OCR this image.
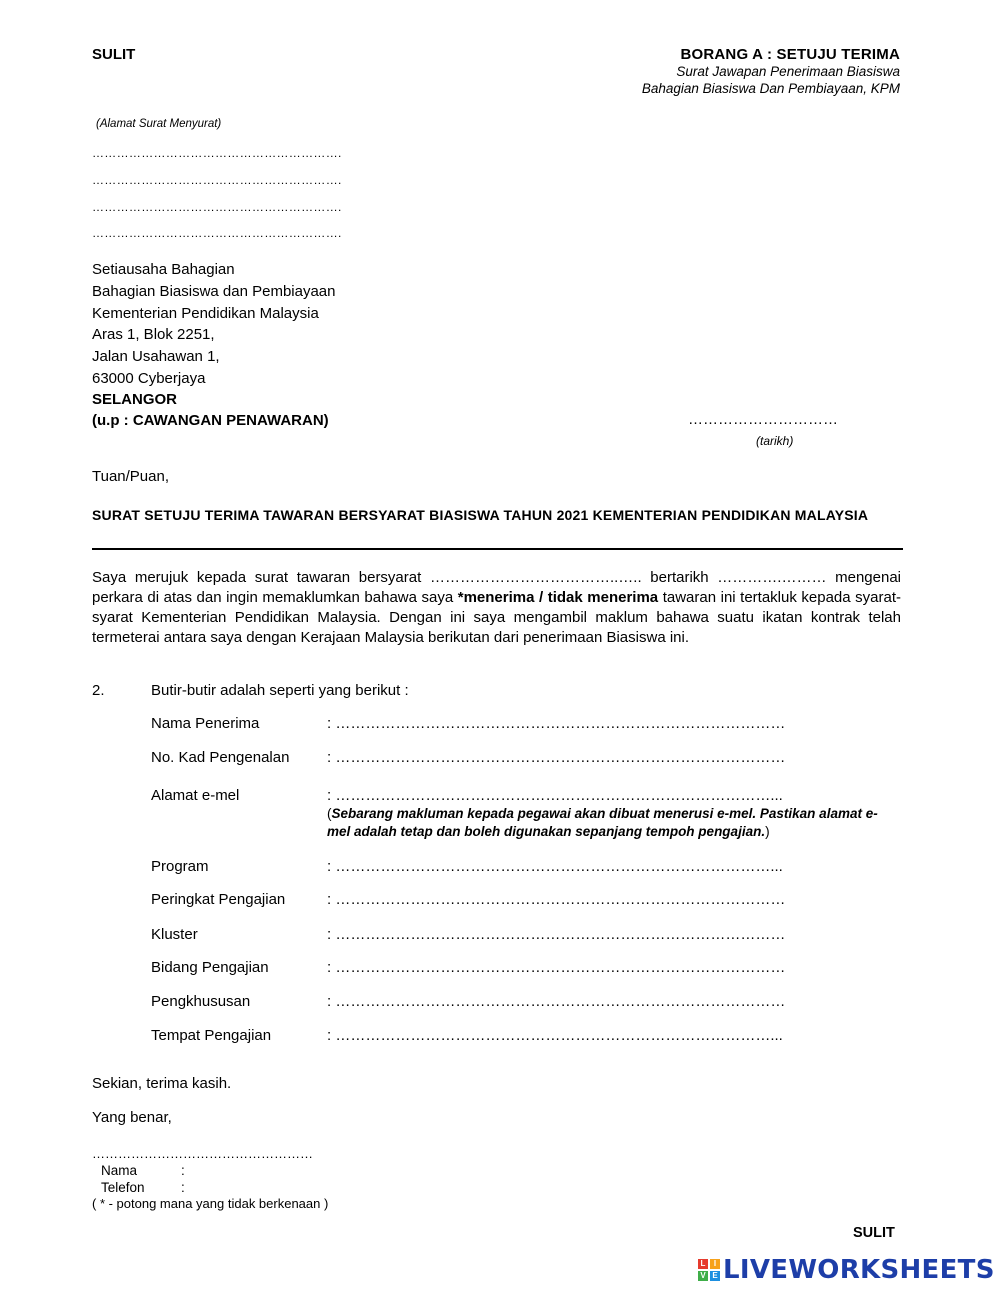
SULIT	BORANG A : SETUJU TERIMA
Surat Jawapan Penerimaan Biasiswa
Bahagian Biasiswa Dan Pembiayaan, KPM
(Alamat Surat Menyurat)
…………………………………………………….
…………………………………………………….
…………………………………………………….
…………………………………………………….
Setiausaha Bahagian
Bahagian Biasiswa dan Pembiayaan
Kementerian Pendidikan Malaysia
Aras 1, Blok 2251,
Jalan Usahawan 1,
63000 Cyberjaya
SELANGOR
(u.p : CAWANGAN PENAWARAN)	…………………………
(tarikh)
Tuan/Puan,
SURAT SETUJU TERIMA TAWARAN BERSYARAT BIASISWA TAHUN 2021 KEMENTERIAN PENDIDIKAN MALAYSIA
Saya merujuk kepada surat tawaran bersyarat ………………………………..….. bertarikh ………….……… mengenai perkara di atas dan ingin memaklumkan bahawa saya *menerima / tidak menerima tawaran ini tertakluk kepada syarat-syarat Kementerian Pendidikan Malaysia. Dengan ini saya mengambil maklum bahawa suatu ikatan kontrak telah termeterai antara saya dengan Kerajaan Malaysia berikutan dari penerimaan Biasiswa ini.
2.	Butir-butir adalah seperti yang berikut :
Nama Penerima	: ………………………………………………………………………………
No. Kad Pengenalan	: ………………………………………………………………………………
Alamat e-mel	: ……………………………………………………………………………...
(Sebarang makluman kepada pegawai akan dibuat menerusi e-mel. Pastikan alamat e-mel adalah tetap dan boleh digunakan sepanjang tempoh pengajian.)
Program	: ……………………………………………………………………………...
Peringkat Pengajian	: ………………………………………………………………………………
Kluster	: ………………………………………………………………………………
Bidang Pengajian	: ………………………………………………………………………………
Pengkhususan	: ………………………………………………………………………………
Tempat Pengajian	: ……………………………………………………………………………...
Sekian, terima kasih.
Yang benar,
……………………………………………
Nama	:
Telefon	:
( * - potong mana yang tidak berkenaan )
SULIT
L	I
V E LIVEWORKSHEETS
